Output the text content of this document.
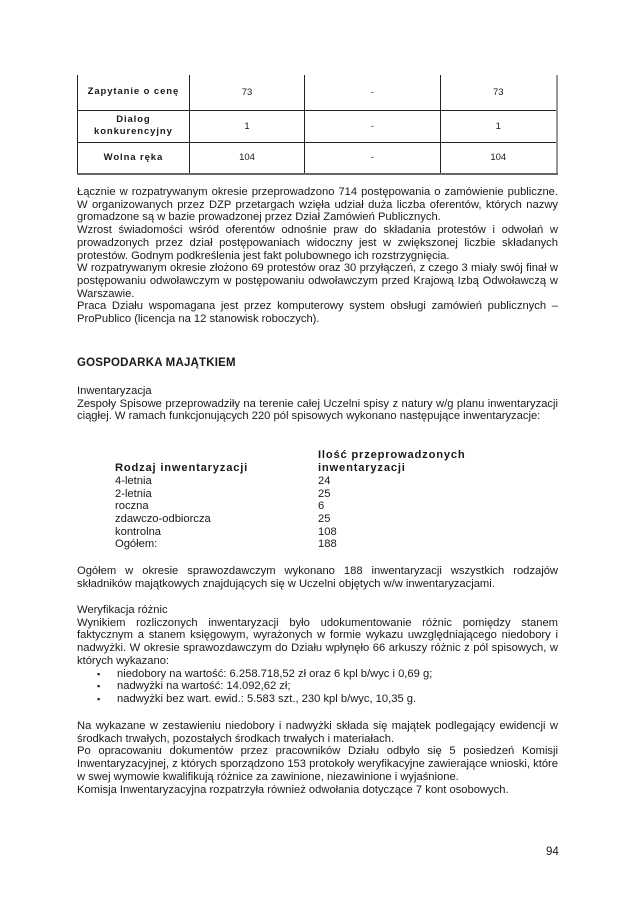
Zapytanie o cenę	73	-	73

Dialog
konkurencyjny	1	-	1
Wolna ręka	104	-	104

Łącznie w rozpatrywanym okresie przeprowadzono 714 postępowania o zamówienie publiczne. W organizowanych przez DZP przetargach wzięła udział duża liczba oferentów, których nazwy gromadzone są w bazie prowadzonej przez Dział Zamówień Publicznych.

Wzrost świadomości wśród oferentów odnośnie praw do składania protestów i odwołań w prowadzonych przez dział postępowaniach widoczny jest w zwiększonej liczbie składanych protestów. Godnym podkreślenia jest fakt polubownego ich rozstrzygnięcia.

W rozpatrywanym okresie złożono 69 protestów oraz 30 przyłączeń, z czego 3 miały swój finał w postępowaniu odwoławczym w postępowaniu odwoławczym przed Krajową Izbą Odwoławczą w Warszawie.

Praca Działu wspomagana jest przez komputerowy system obsługi zamówień publicznych – ProPublico (licencja na 12 stanowisk roboczych).

GOSPODARKA MAJĄTKIEM

Inwentaryzacja

Zespoły Spisowe przeprowadziły na terenie całej Uczelni spisy z natury w/g planu inwentaryzacji ciągłej. W ramach funkcjonujących 220 pól spisowych wykonano następujące inwentaryzacje:

Rodzaj inwentaryzacji	Ilość przeprowadzonych
inwentaryzacji

4-letnia	24
2-letnia	25
roczna	6
zdawczo-odbiorcza	25
kontrolna	108
Ogółem:	188

Ogółem w okresie sprawozdawczym wykonano 188 inwentaryzacji wszystkich rodzajów składników majątkowych znajdujących się w Uczelni objętych w/w inwentaryzacjami.

Weryfikacja różnic

Wynikiem rozliczonych inwentaryzacji było udokumentowanie różnic pomiędzy stanem faktycznym a stanem księgowym, wyrażonych w formie wykazu uwzględniającego niedobory i nadwyżki. W okresie sprawozdawczym do Działu wpłynęło 66 arkuszy różnic z pól spisowych, w których wykazano:

▪ niedobory na wartość: 6.258.718,52 zł oraz 6 kpl b/wyc i 0,69 g;
▪ nadwyżki na wartość: 14.092,62 zł;
▪ nadwyżki bez wart. ewid.: 5.583 szt., 230 kpl b/wyc, 10,35 g.

Na wykazane w zestawieniu niedobory i nadwyżki składa się majątek podlegający ewidencji w środkach trwałych, pozostałych środkach trwałych i materiałach.

Po opracowaniu dokumentów przez pracowników Działu odbyło się 5 posiedzeń Komisji Inwentaryzacyjnej, z których sporządzono 153 protokoły weryfikacyjne zawierające wnioski, które w swej wymowie kwalifikują różnice za zawinione, niezawinione i wyjaśnione.

Komisja Inwentaryzacyjna rozpatrzyła również odwołania dotyczące 7 kont osobowych.

94
